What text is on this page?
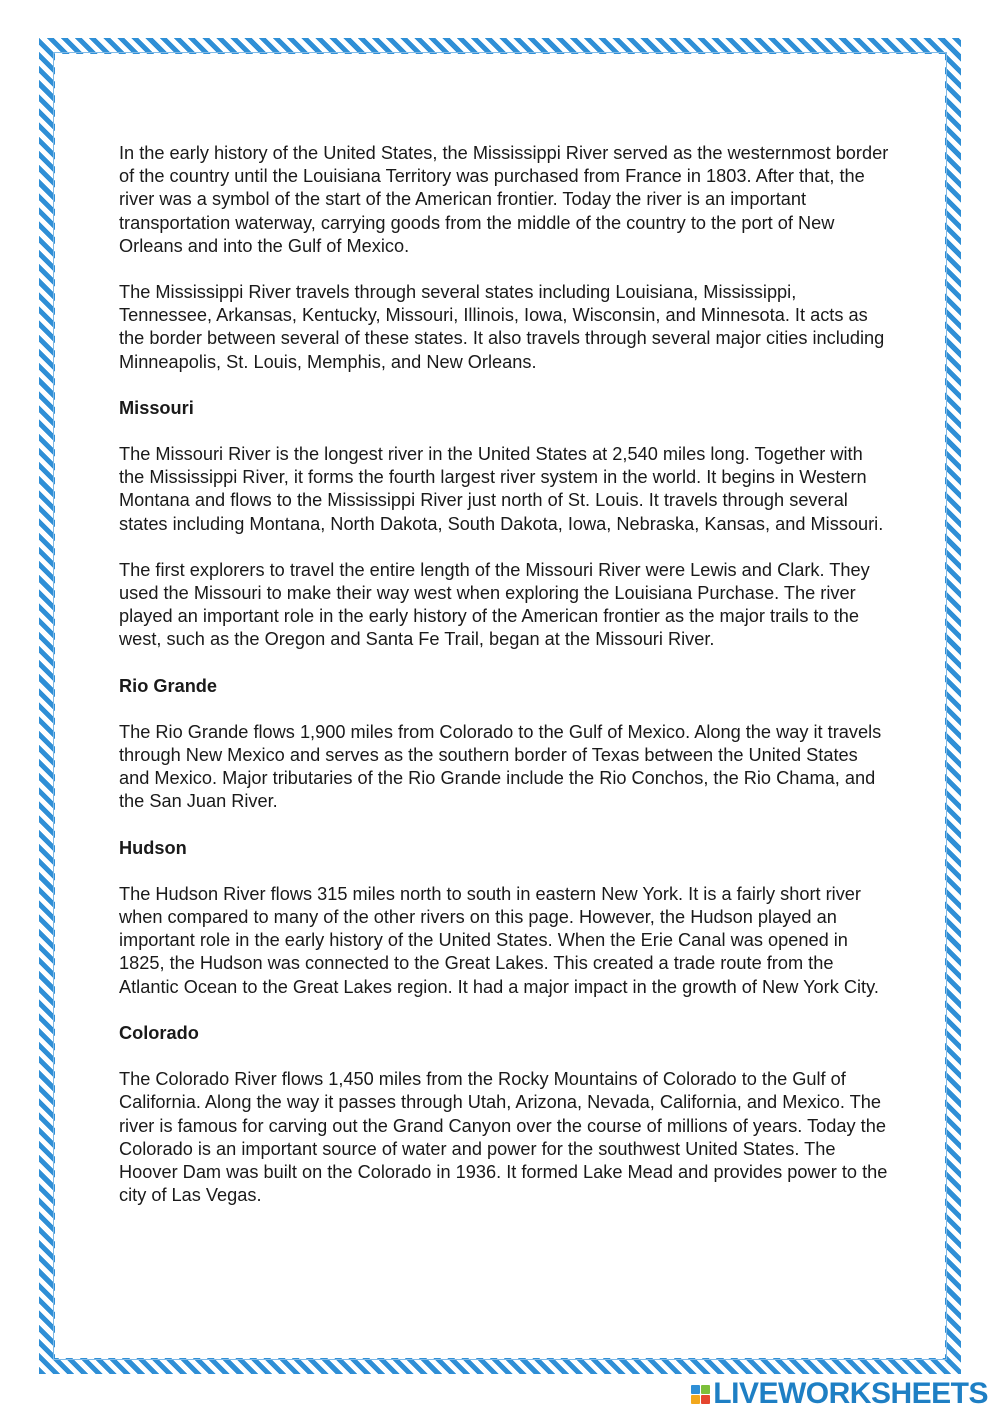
In the early history of the United States, the Mississippi River served as the westernmost border of the country until the Louisiana Territory was purchased from France in 1803. After that, the river was a symbol of the start of the American frontier. Today the river is an important transportation waterway, carrying goods from the middle of the country to the port of New Orleans and into the Gulf of Mexico.

The Mississippi River travels through several states including Louisiana, Mississippi, Tennessee, Arkansas, Kentucky, Missouri, Illinois, Iowa, Wisconsin, and Minnesota. It acts as the border between several of these states. It also travels through several major cities including Minneapolis, St. Louis, Memphis, and New Orleans.

Missouri

The Missouri River is the longest river in the United States at 2,540 miles long. Together with the Mississippi River, it forms the fourth largest river system in the world. It begins in Western Montana and flows to the Mississippi River just north of St. Louis. It travels through several states including Montana, North Dakota, South Dakota, Iowa, Nebraska, Kansas, and Missouri.

The first explorers to travel the entire length of the Missouri River were Lewis and Clark. They used the Missouri to make their way west when exploring the Louisiana Purchase. The river played an important role in the early history of the American frontier as the major trails to the west, such as the Oregon and Santa Fe Trail, began at the Missouri River.

Rio Grande

The Rio Grande flows 1,900 miles from Colorado to the Gulf of Mexico. Along the way it travels through New Mexico and serves as the southern border of Texas between the United States and Mexico. Major tributaries of the Rio Grande include the Rio Conchos, the Rio Chama, and the San Juan River.

Hudson

The Hudson River flows 315 miles north to south in eastern New York. It is a fairly short river when compared to many of the other rivers on this page. However, the Hudson played an important role in the early history of the United States. When the Erie Canal was opened in 1825, the Hudson was connected to the Great Lakes. This created a trade route from the Atlantic Ocean to the Great Lakes region. It had a major impact in the growth of New York City.

Colorado

The Colorado River flows 1,450 miles from the Rocky Mountains of Colorado to the Gulf of California. Along the way it passes through Utah, Arizona, Nevada, California, and Mexico. The river is famous for carving out the Grand Canyon over the course of millions of years. Today the Colorado is an important source of water and power for the southwest United States. The Hoover Dam was built on the Colorado in 1936. It formed Lake Mead and provides power to the city of Las Vegas.

LIVEWORKSHEETS
